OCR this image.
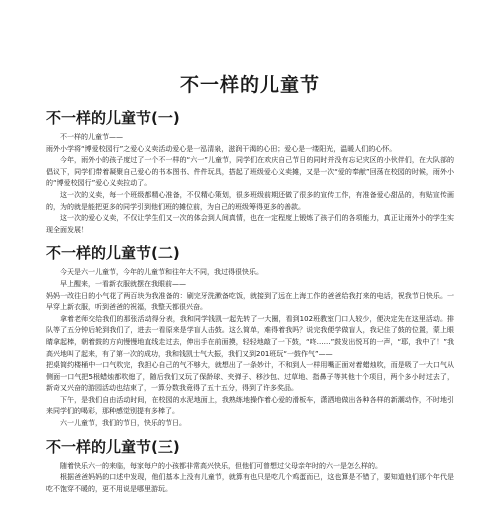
不一样的儿童节
不一样的儿童节(一)

不一样的儿童节——

雨外小学将“博爱校园行”之爱心义卖活动爱心是一泓清泉，滋润干渴的心田；爱心是一缕阳光，温暖人们的心怀。

今年，雨外小的孩子度过了一个不一样的“六一”儿童节，同学们在欢庆自己节日的同时并没有忘记灾区的小伙伴们，在大队部的倡议下，同学们带着凝聚自己爱心的书本图书、件件玩具，搭起了班级爱心义卖摊，又是一次“爱的奉献”回荡在校园的时候，雨外小的“博爱校园行”爱心义卖拉动了。

这一次的义卖，每一个班级都精心准备，不仅精心策划，很多班级前期还做了很多的宣传工作，有准备爱心甜品的，有贴宣传画的，为的就是能把更多的同学引到他们班的摊位前，为自己的班级筹得更多的善款。

这一次的爱心义卖，不仅让学生们又一次的体会到人间真情，也在一定程度上锻炼了孩子们的各项能力，真正让雨外小的学生实现全面发展！

不一样的儿童节(二)

今天是六一儿童节，今年的儿童节和往年大不同，我过得很快乐。

早上醒来，一看新衣服就摆在我眼前——

妈妈一改往日的小气花了两百块为我准备的：刷完牙洗漱备吃饭，就接到了远在上海工作的爸爸给我打来的电话，祝我节日快乐。一早穿上新衣服，听到爸爸的祝福，我整天都很兴奋。

拿着老师交给我们的那张活动得分表，我和同学钱凯一起先转了一大圈，看到102班教室门口人较少，便决定先在这里活动。排队等了五分钟后轮到我们了，进去一看原来是学盲人击鼓。这么简单，难得着我吗？说完我便学做盲人，我记住了鼓的位置，蒙上眼睛拿起棒，朝着鼓的方向慢慢地直线走过去，伸出手在前面摸，轻轻地敲了一下鼓，“咚……”鼓发出悦耳的一声，“耶，我中了！”我高兴地叫了起来，有了第一次的成功，我和钱凯士气大振，我们又到201班玩“一鼓作气”——

把桌简约楼桶中一口气吹完，我担心自己的气不够大，就想出了一条妙计，不和到人一样用嘴正面对着蜡烛吹，而是吸了一大口气从侧面一口气把5根蜡烛都吹熄了，随后我们又玩了保龄球、夹弹子、移沙包、过草地、指鼻子等其他十个项目，两个多小时过去了，新奇又兴奋的游园活动也结束了，一算分数我竟得了五十五分，得到了许多奖品。

下午，是我们自由活动时间，在校园的水泥地面上，我熟练地操作着心爱的滑板车，潇洒地做出各种各样的新潮动作，不时地引来同学们的喝彩，那种感觉别提有多棒了。

六一儿童节，我们的节日，快乐的节日。

不一样的儿童节(三)

随着快乐六一的来临，每家每户的小孩都非常高兴快乐，但他们可曾想过父母亲年时的六一是怎么样的。

根据爸爸妈妈的口述中发现，他们基本上没有儿童节，就算有也只是吃几个鸡蛋而已，这也算是不错了，要知道他们那个年代是吃不饱穿不暖的，更不用说是哪里游玩。
